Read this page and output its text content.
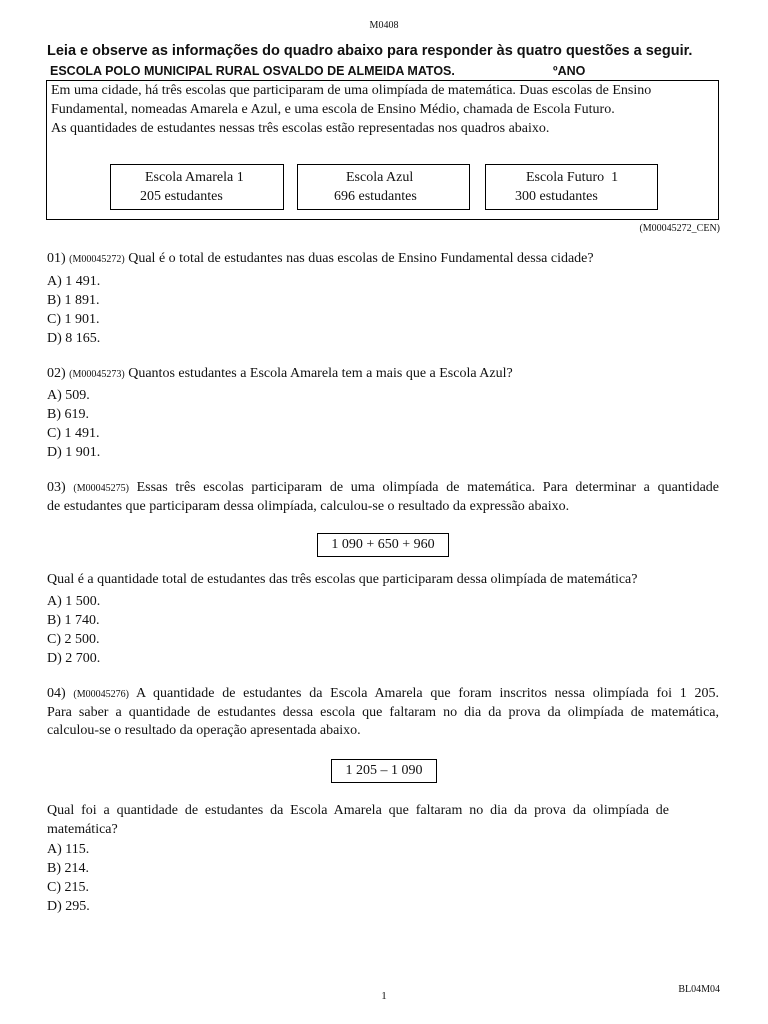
M0408
Leia e observe as informações do quadro abaixo para responder às quatro questões a seguir.
ESCOLA POLO MUNICIPAL RURAL OSVALDO DE ALMEIDA MATOS.	ºANO
Em uma cidade, há três escolas que participaram de uma olimpíada de matemática. Duas escolas de Ensino
Fundamental, nomeadas Amarela e Azul, e uma escola de Ensino Médio, chamada de Escola Futuro.
As quantidades de estudantes nessas três escolas estão representadas nos quadros abaixo.
Escola Amarela 1
205 estudantes
Escola Azul
696 estudantes
Escola Futuro  1
300 estudantes
(M00045272_CEN)
01) (M00045272) Qual é o total de estudantes nas duas escolas de Ensino Fundamental dessa cidade?
A) 1 491.
B) 1 891.
C) 1 901.
D) 8 165.
02) (M00045273) Quantos estudantes a Escola Amarela tem a mais que a Escola Azul?
A) 509.
B) 619.
C) 1 491.
D) 1 901.
03) (M00045275) Essas três escolas participaram de uma olimpíada de matemática. Para determinar a quantidade
de estudantes que participaram dessa olimpíada, calculou-se o resultado da expressão abaixo.
1 090 + 650 + 960
Qual é a quantidade total de estudantes das três escolas que participaram dessa olimpíada de matemática?
A) 1 500.
B) 1 740.
C) 2 500.
D) 2 700.
04) (M00045276) A quantidade de estudantes da Escola Amarela que foram inscritos nessa olimpíada foi 1 205.
Para saber a quantidade de estudantes dessa escola que faltaram no dia da prova da olimpíada de matemática,
calculou-se o resultado da operação apresentada abaixo.
1 205 – 1 090
Qual foi a quantidade de estudantes da Escola Amarela que faltaram no dia da prova da olimpíada de
matemática?
A) 115.
B) 214.
C) 215.
D) 295.
1
BL04M04
